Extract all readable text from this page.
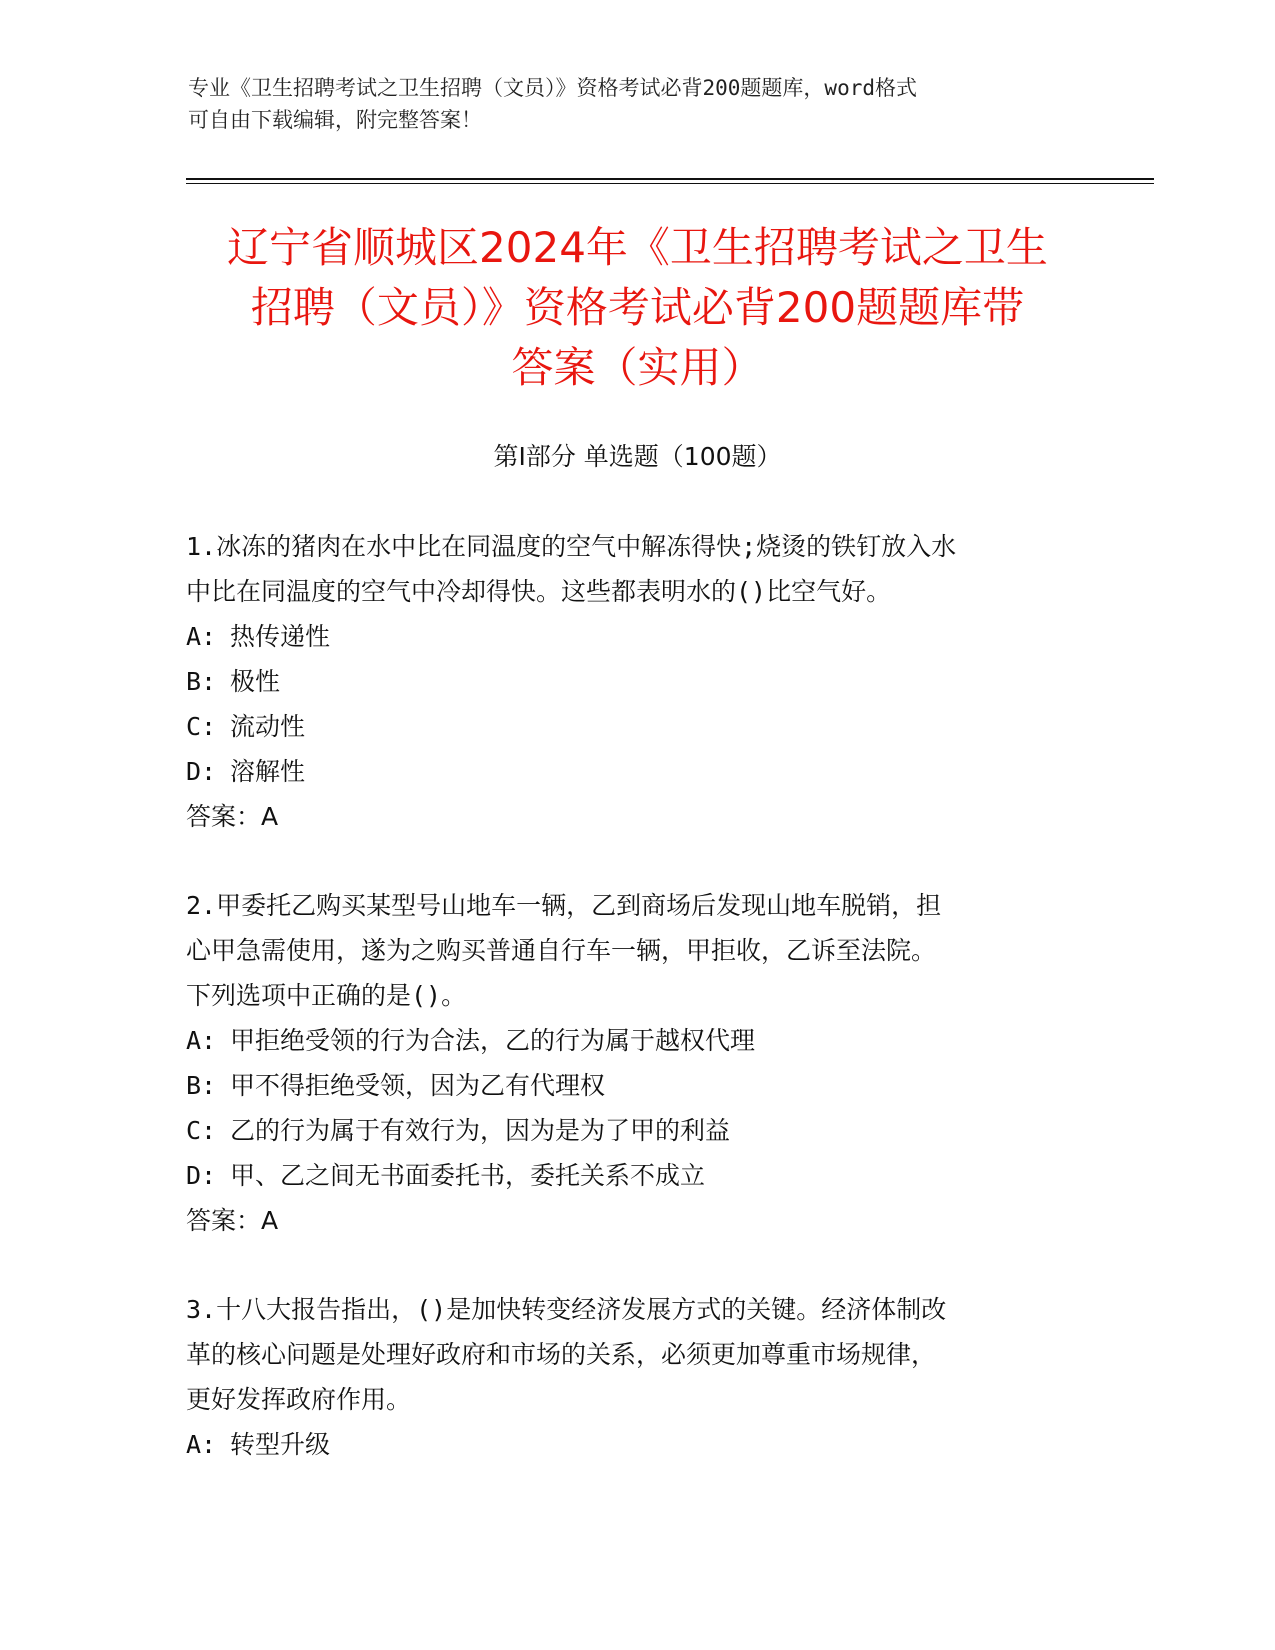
专业《卫生招聘考试之卫生招聘（文员）》资格考试必背200题题库，word格式
可自由下载编辑，附完整答案！
辽宁省顺城区2024年《卫生招聘考试之卫生
招聘（文员）》资格考试必背200题题库带
答案（实用）
第Ⅰ部分 单选题（100题）
1.冰冻的猪肉在水中比在同温度的空气中解冻得快;烧烫的铁钉放入水
中比在同温度的空气中冷却得快。这些都表明水的()比空气好。
A: 热传递性
B: 极性
C: 流动性
D: 溶解性
答案：A
2.甲委托乙购买某型号山地车一辆，乙到商场后发现山地车脱销，担
心甲急需使用，遂为之购买普通自行车一辆，甲拒收，乙诉至法院。
下列选项中正确的是()。
A: 甲拒绝受领的行为合法，乙的行为属于越权代理
B: 甲不得拒绝受领，因为乙有代理权
C: 乙的行为属于有效行为，因为是为了甲的利益
D: 甲、乙之间无书面委托书，委托关系不成立
答案：A
3.十八大报告指出，()是加快转变经济发展方式的关键。经济体制改
革的核心问题是处理好政府和市场的关系，必须更加尊重市场规律，
更好发挥政府作用。
A: 转型升级
